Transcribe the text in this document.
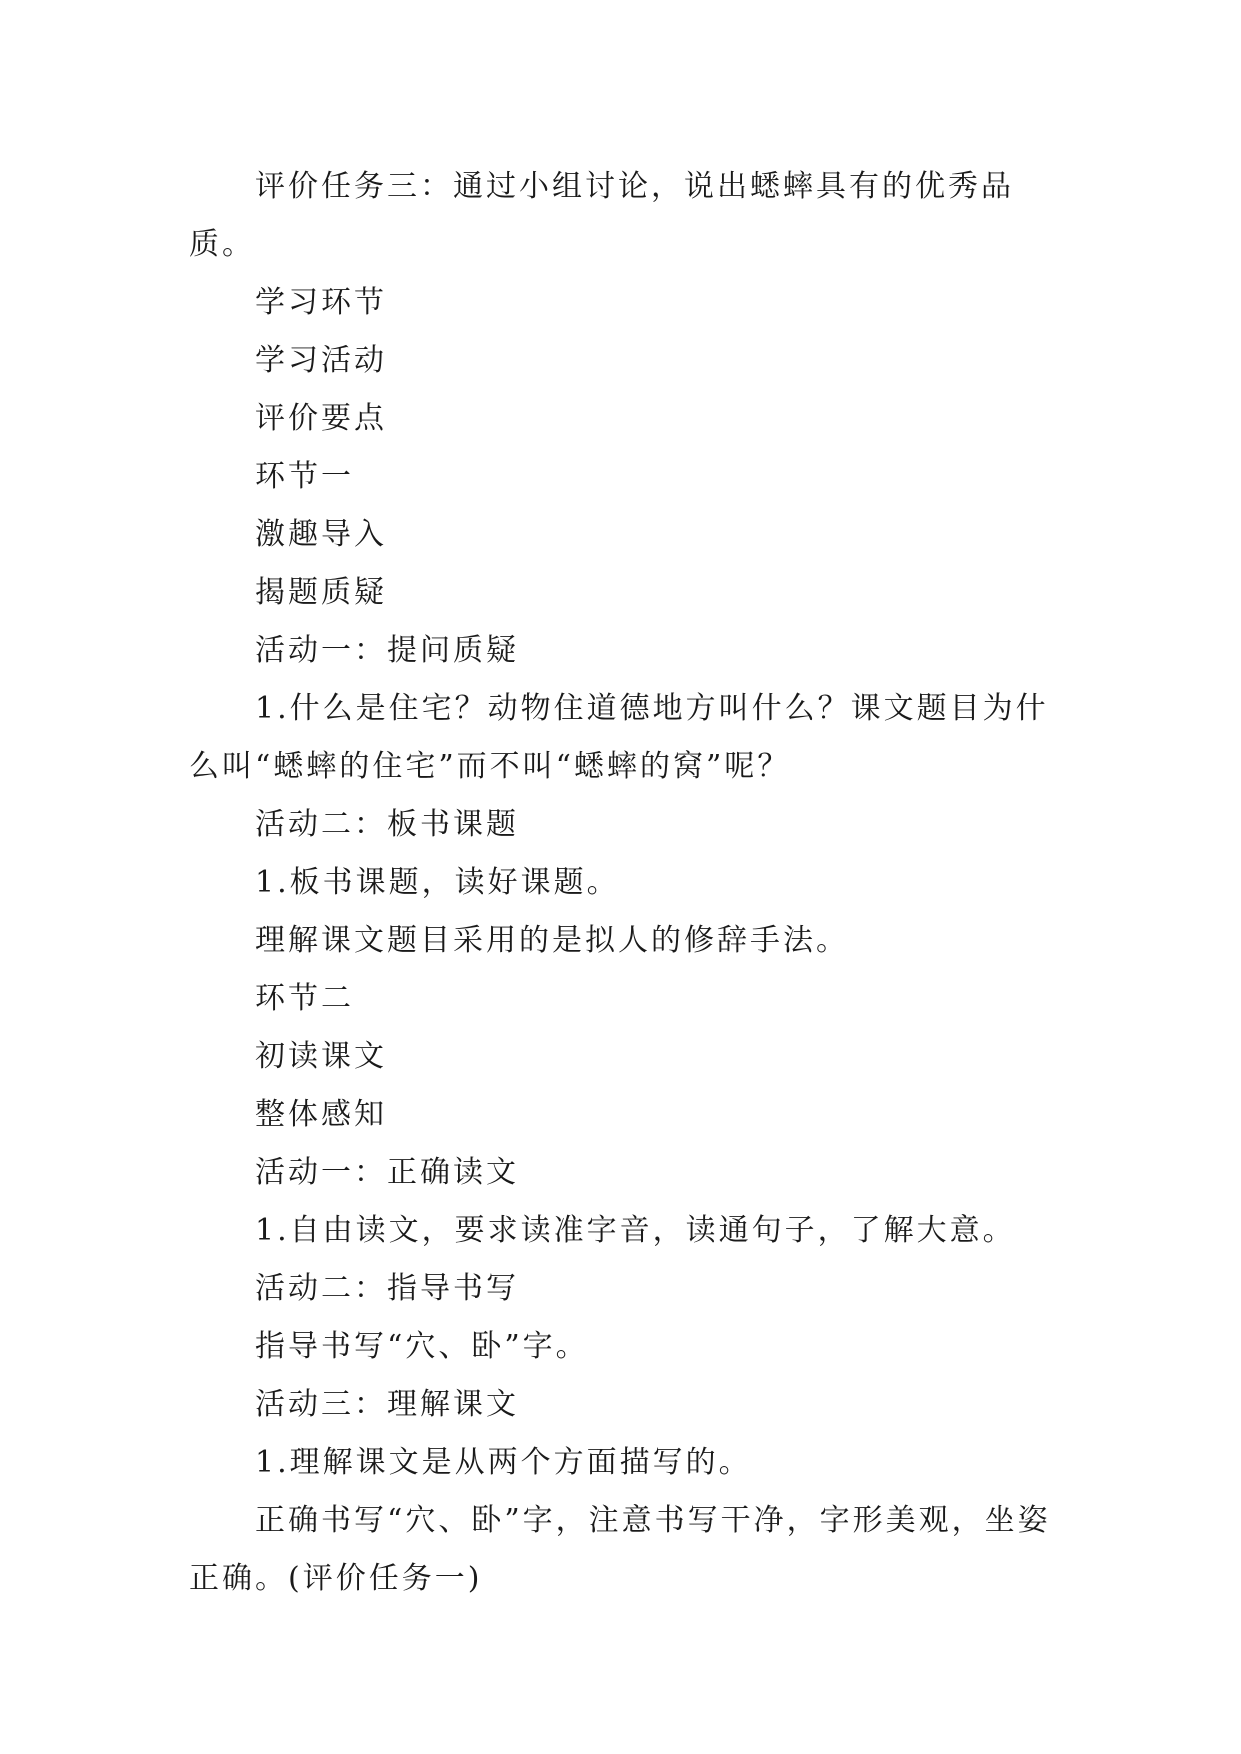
评价任务三：通过小组讨论，说出蟋蟀具有的优秀品质。

学习环节

学习活动

评价要点

环节一

激趣导入

揭题质疑

活动一：提问质疑

1.什么是住宅？动物住道德地方叫什么？课文题目为什么叫“蟋蟀的住宅”而不叫“蟋蟀的窝”呢？

活动二：板书课题

1.板书课题，读好课题。

理解课文题目采用的是拟人的修辞手法。

环节二

初读课文

整体感知

活动一：正确读文

1.自由读文，要求读准字音，读通句子，了解大意。

活动二：指导书写

指导书写“穴、卧”字。

活动三：理解课文

1.理解课文是从两个方面描写的。

正确书写“穴、卧”字，注意书写干净，字形美观，坐姿正确。(评价任务一)
